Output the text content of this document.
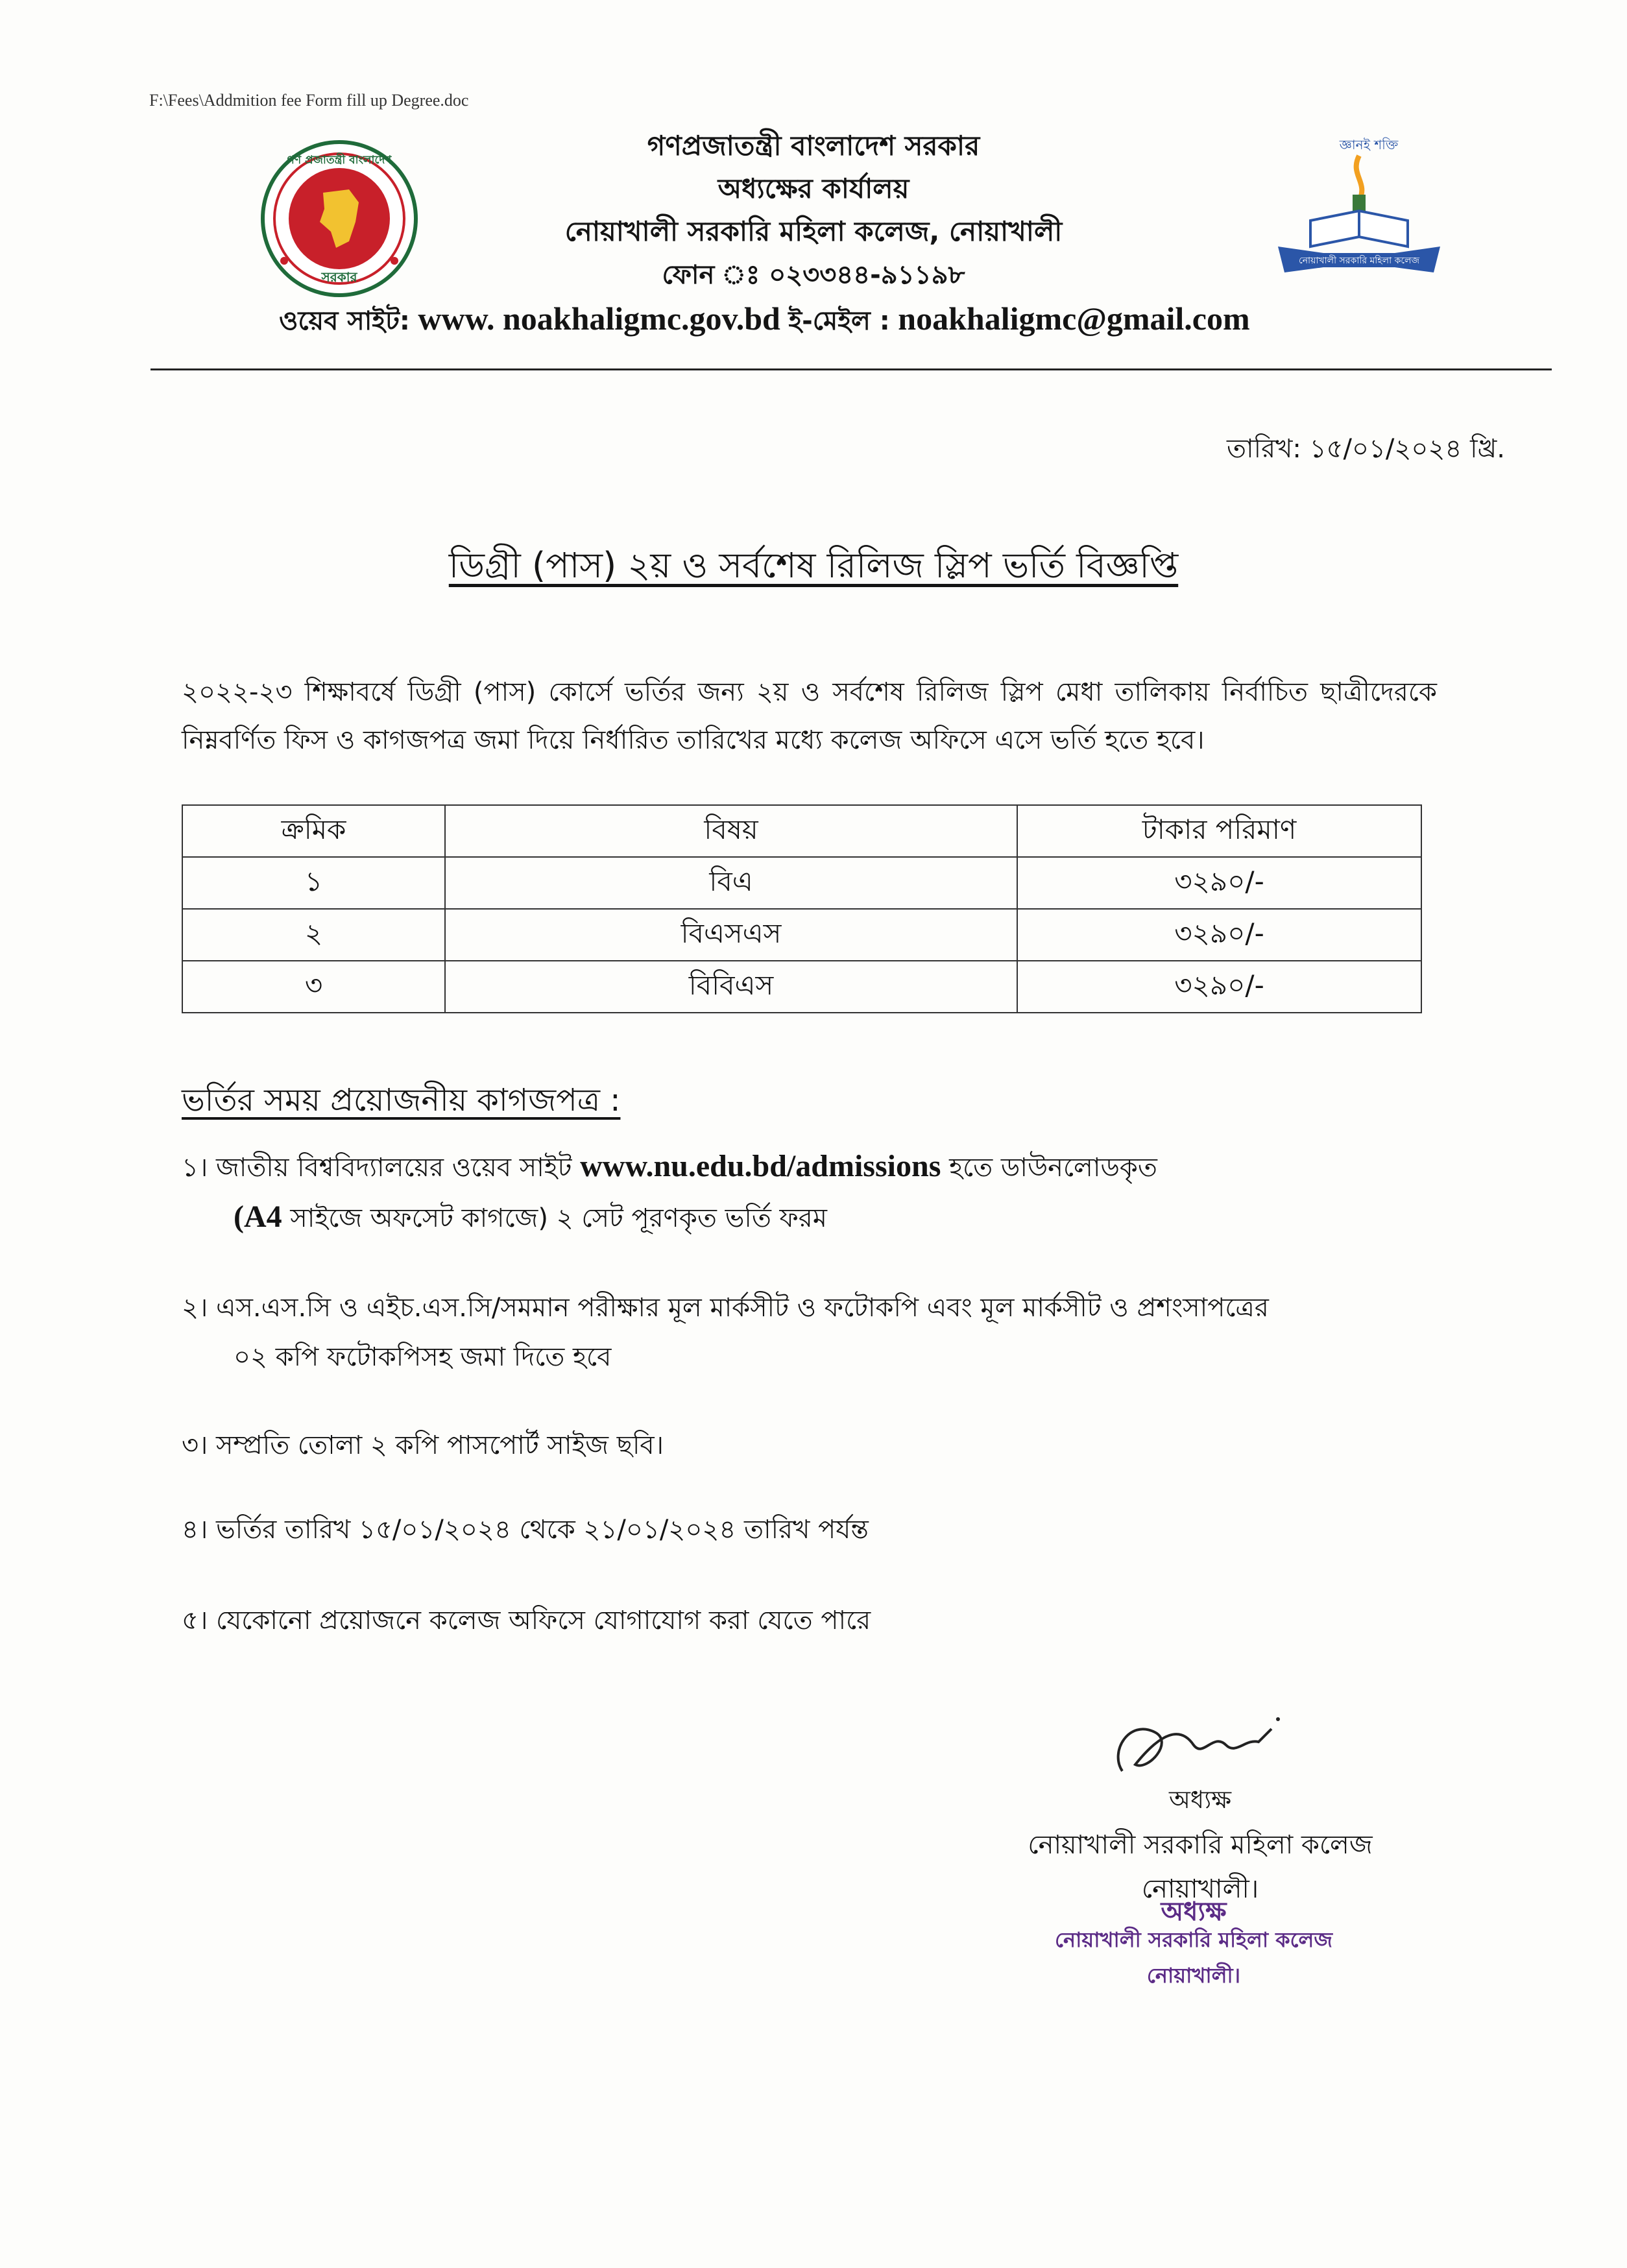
F:\Fees\Addmition fee Form fill up Degree.doc
গণ প্রজাতন্ত্রী বাংলাদেশ
সরকার
জ্ঞানই শক্তি
নোয়াখালী সরকারি মহিলা কলেজ
গণপ্রজাতন্ত্রী বাংলাদেশ সরকার
অধ্যক্ষের কার্যালয়
নোয়াখালী সরকারি মহিলা কলেজ, নোয়াখালী
ফোন ঃ ০২৩৩৪৪-৯১১৯৮
ওয়েব সাইট: www. noakhaligmc.gov.bd ই-মেইল : noakhaligmc@gmail.com
তারিখ: ১৫/০১/২০২৪ খ্রি.
ডিগ্রী (পাস) ২য় ও সর্বশেষ রিলিজ স্লিপ ভর্তি বিজ্ঞপ্তি
২০২২-২৩ শিক্ষাবর্ষে ডিগ্রী (পাস) কোর্সে ভর্তির জন্য ২য় ও সর্বশেষ রিলিজ স্লিপ মেধা তালিকায় নির্বাচিত ছাত্রীদেরকে নিম্নবর্ণিত ফিস ও কাগজপত্র জমা দিয়ে নির্ধারিত তারিখের মধ্যে কলেজ অফিসে এসে ভর্তি হতে হবে।
ক্রমিক	বিষয়	টাকার পরিমাণ
১	বিএ	৩২৯০/-
২	বিএসএস	৩২৯০/-
৩	বিবিএস	৩২৯০/-
ভর্তির সময় প্রয়োজনীয় কাগজপত্র :
১। জাতীয় বিশ্ববিদ্যালয়ের ওয়েব সাইট www.nu.edu.bd/admissions হতে ডাউনলোডকৃত
(A4 সাইজে অফসেট কাগজে) ২ সেট পূরণকৃত ভর্তি ফরম
২। এস.এস.সি ও এইচ.এস.সি/সমমান পরীক্ষার মূল মার্কসীট ও ফটোকপি এবং মূল মার্কসীট ও প্রশংসাপত্রের
০২ কপি ফটোকপিসহ জমা দিতে হবে
৩। সম্প্রতি তোলা ২ কপি পাসপোর্ট সাইজ ছবি।
৪। ভর্তির তারিখ ১৫/০১/২০২৪ থেকে ২১/০১/২০২৪ তারিখ পর্যন্ত
৫। যেকোনো প্রয়োজনে কলেজ অফিসে যোগাযোগ করা যেতে পারে
অধ্যক্ষ
নোয়াখালী সরকারি মহিলা কলেজ
নোয়াখালী।
অধ্যক্ষ
নোয়াখালী সরকারি মহিলা কলেজ
নোয়াখালী।
